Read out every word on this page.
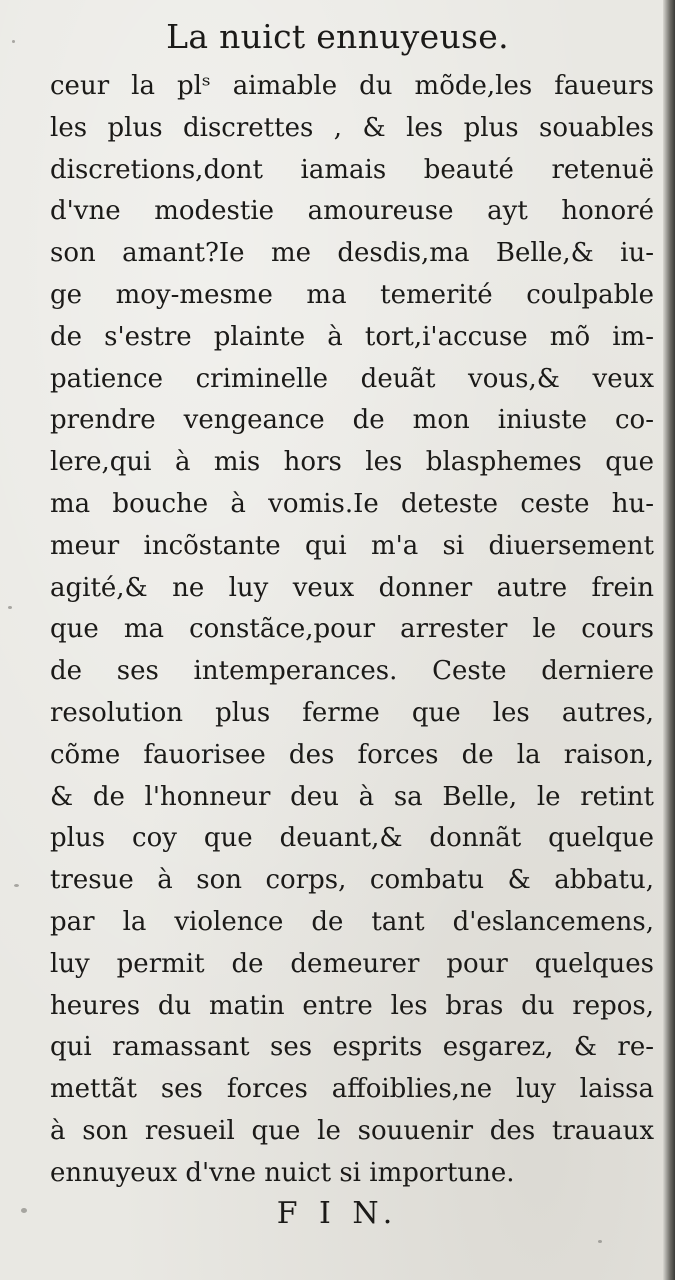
La nuict ennuyeuse.
ceur la plˢ aimable du mõde,les faueurs
les plus discrettes , & les plus souables
discretions,dont iamais beauté retenuë
d'vne modestie amoureuse ayt honoré
son amant?Ie me desdis,ma Belle,& iu-
ge moy-mesme ma temerité coulpable
de s'estre plainte à tort,i'accuse mõ im-
patience criminelle deuãt vous,& veux
prendre vengeance de mon iniuste co-
lere,qui à mis hors les blasphemes que
ma bouche à vomis.Ie deteste ceste hu-
meur incõstante qui m'a si diuersement
agité,& ne luy veux donner autre frein
que ma constãce,pour arrester le cours
de ses intemperances. Ceste derniere
resolution plus ferme que les autres,
cõme fauorisee des forces de la raison,
& de l'honneur deu à sa Belle, le retint
plus coy que deuant,& donnãt quelque
tresue à son corps, combatu & abbatu,
par la violence de tant d'eslancemens,
luy permit de demeurer pour quelques
heures du matin entre les bras du repos,
qui ramassant ses esprits esgarez, & re-
mettãt ses forces affoiblies,ne luy laissa
à son resueil que le souuenir des trauaux
ennuyeux d'vne nuict si importune.
F I N.
